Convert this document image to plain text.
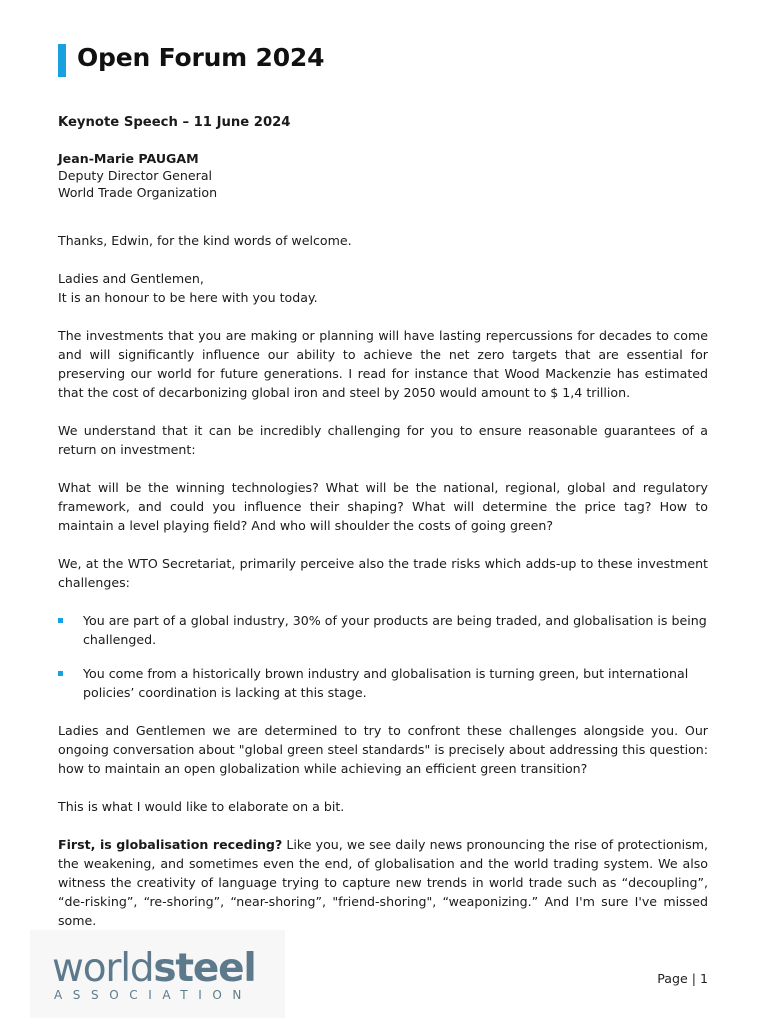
Open Forum 2024
Keynote Speech – 11 June 2024
Jean-Marie PAUGAM
Deputy Director General
World Trade Organization

Thanks, Edwin, for the kind words of welcome.

Ladies and Gentlemen,
It is an honour to be here with you today.

The investments that you are making or planning will have lasting repercussions for decades to come and will significantly influence our ability to achieve the net zero targets that are essential for preserving our world for future generations. I read for instance that Wood Mackenzie has estimated that the cost of decarbonizing global iron and steel by 2050 would amount to $ 1,4 trillion.

We understand that it can be incredibly challenging for you to ensure reasonable guarantees of a return on investment:

What will be the winning technologies? What will be the national, regional, global and regulatory framework, and could you influence their shaping? What will determine the price tag? How to maintain a level playing field? And who will shoulder the costs of going green?

We, at the WTO Secretariat, primarily perceive also the trade risks which adds-up to these investment challenges:

You are part of a global industry, 30% of your products are being traded, and globalisation is being challenged.
You come from a historically brown industry and globalisation is turning green, but international policies’ coordination is lacking at this stage.

Ladies and Gentlemen we are determined to try to confront these challenges alongside you. Our ongoing conversation about "global green steel standards" is precisely about addressing this question: how to maintain an open globalization while achieving an efficient green transition?

This is what I would like to elaborate on a bit.

First, is globalisation receding? Like you, we see daily news pronouncing the rise of protectionism, the weakening, and sometimes even the end, of globalisation and the world trading system. We also witness the creativity of language trying to capture new trends in world trade such as “decoupling”, “de-risking”, “re-shoring”, “near-shoring”, "friend-shoring", “weaponizing.” And I'm sure I've missed some.

worldsteel
ASSOCIATION
Page | 1
